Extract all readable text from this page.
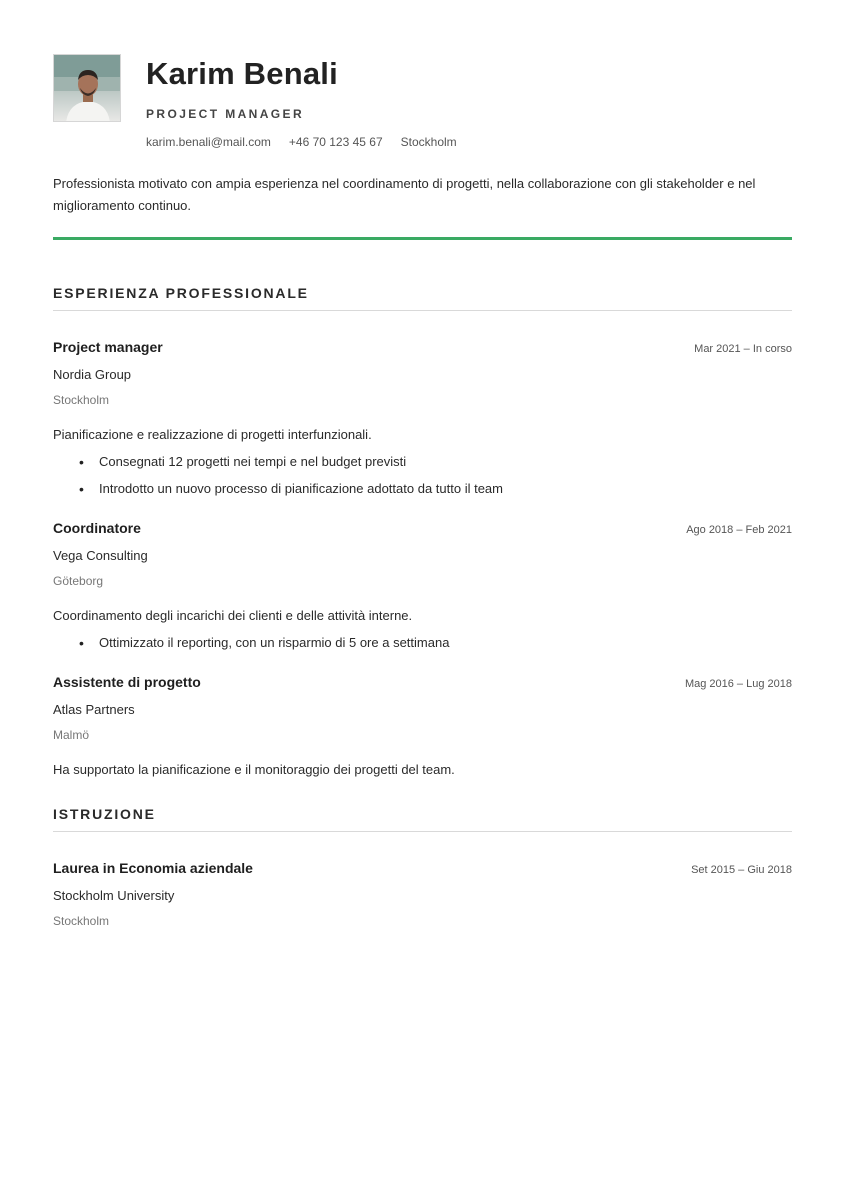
Karim Benali
PROJECT MANAGER
karim.benali@mail.com +46 70 123 45 67 Stockholm
Professionista motivato con ampia esperienza nel coordinamento di progetti, nella collaborazione con gli stakeholder e nel miglioramento continuo.
ESPERIENZA PROFESSIONALE
Project manager	Mar 2021 – In corso
Nordia Group
Stockholm
Pianificazione e realizzazione di progetti interfunzionali.
• Consegnati 12 progetti nei tempi e nel budget previsti
• Introdotto un nuovo processo di pianificazione adottato da tutto il team
Coordinatore	Ago 2018 – Feb 2021
Vega Consulting
Göteborg
Coordinamento degli incarichi dei clienti e delle attività interne.
• Ottimizzato il reporting, con un risparmio di 5 ore a settimana
Assistente di progetto	Mag 2016 – Lug 2018
Atlas Partners
Malmö
Ha supportato la pianificazione e il monitoraggio dei progetti del team.
ISTRUZIONE
Laurea in Economia aziendale	Set 2015 – Giu 2018
Stockholm University
Stockholm
